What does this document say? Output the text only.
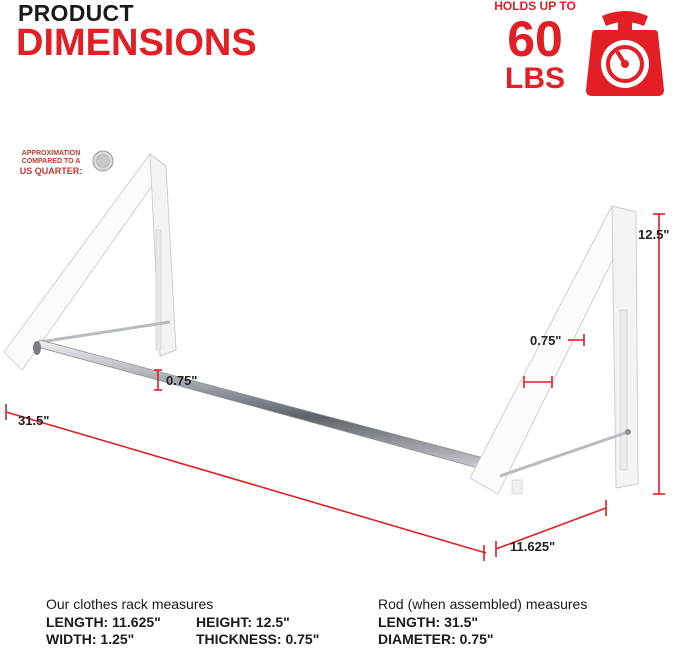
PRODUCT
DIMENSIONS
HOLDS UP TO
60
LBS
APPROXIMATION
COMPARED TO A
US QUARTER:
12.5"
31.5"
11.625"
0.75"
0.75"
Our clothes rack measures
LENGTH: 11.625"	HEIGHT: 12.5"
WIDTH: 1.25"	THICKNESS: 0.75"
Rod (when assembled) measures
LENGTH: 31.5"
DIAMETER: 0.75"
